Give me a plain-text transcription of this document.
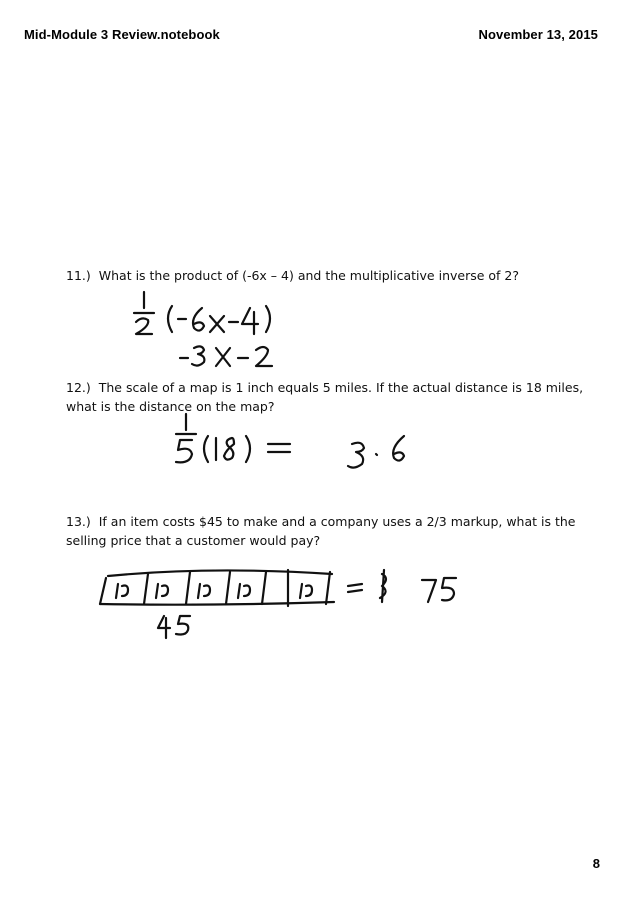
Mid-Module 3 Review.notebook	November 13, 2015
11.) What is the product of (-6x – 4) and the multiplicative inverse of 2?
12.) The scale of a map is 1 inch equals 5 miles. If the actual distance is 18 miles, what is the distance on the map?
13.) If an item costs $45 to make and a company uses a 2/3 markup, what is the selling price that a customer would pay?
8
